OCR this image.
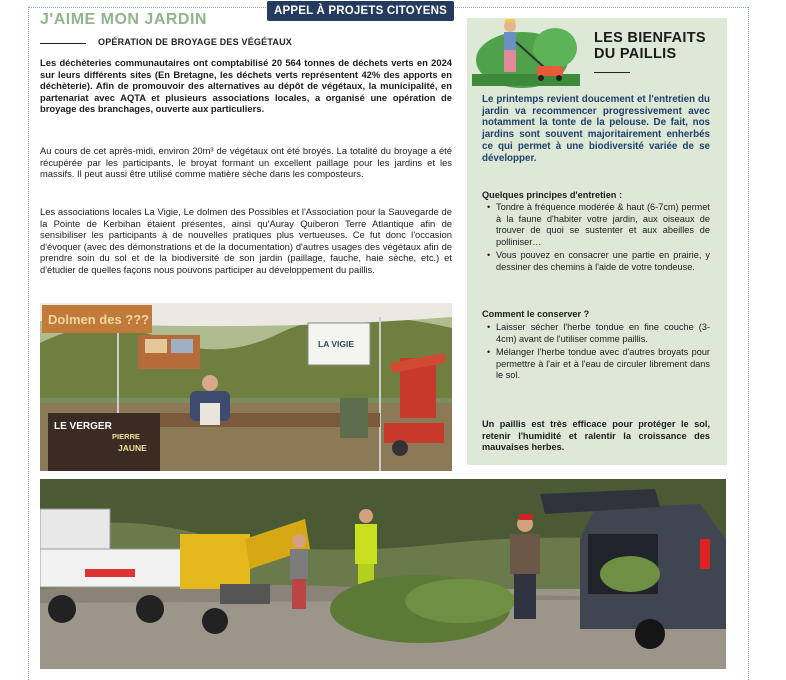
APPEL À PROJETS CITOYENS
J'AIME MON JARDIN
OPÉRATION DE BROYAGE DES VÉGÉTAUX

Les déchèteries communautaires ont comptabilisé 20 564 tonnes de déchets verts en 2024 sur leurs différents sites (En Bretagne, les déchets verts représentent 42% des apports en déchèterie). Afin de promouvoir des alternatives au dépôt de végétaux, la municipalité, en partenariat avec AQTA et plusieurs associations locales, a organisé une opération de broyage des branchages, ouverte aux particuliers.

Au cours de cet après-midi, environ 20m³ de végétaux ont été broyés. La totalité du broyage a été récupérée par les participants, le broyat formant un excellent paillage pour les jardins et les massifs. Il peut aussi être utilisé comme matière sèche dans les composteurs.

Les associations locales La Vigie, Le dolmen des Possibles et l'Association pour la Sauvegarde de la Pointe de Kerbihan étaient présentes, ainsi qu'Auray Quiberon Terre Atlantique afin de sensibiliser les participants à de nouvelles pratiques plus vertueuses. Ce fut donc l'occasion d'évoquer (avec des démonstrations et de la documentation) d'autres usages des végétaux afin de prendre soin du sol et de la biodiversité de son jardin (paillage, fauche, haie sèche, etc.) et d'étudier de quelles façons nous pouvons participer au développement du paillis.

Dolmen des ???
LA VIGIE
LE VERGER
PIERRE
JAUNE
LES BIENFAITS
DU PAILLIS
Le printemps revient doucement et l'entretien du jardin va recommencer progressivement avec notamment la tonte de la pelouse. De fait, nos jardins sont souvent majoritairement enherbés ce qui permet à une biodiversité variée de se développer.
Quelques principes d'entretien :
• Tondre à fréquence modérée & haut (6-7cm) permet à la faune d'habiter votre jardin, aux oiseaux de trouver de quoi se sustenter et aux abeilles de polliniser…
• Vous pouvez en consacrer une partie en prairie, y dessiner des chemins à l'aide de votre tondeuse.
Comment le conserver ?
• Laisser sécher l'herbe tondue en fine couche (3-4cm) avant de l'utiliser comme paillis.
• Mélanger l'herbe tondue avec d'autres broyats pour permettre à l'air et à l'eau de circuler librement dans le sol.
Un paillis est très efficace pour protéger le sol, retenir l'humidité et ralentir la croissance des mauvaises herbes.
